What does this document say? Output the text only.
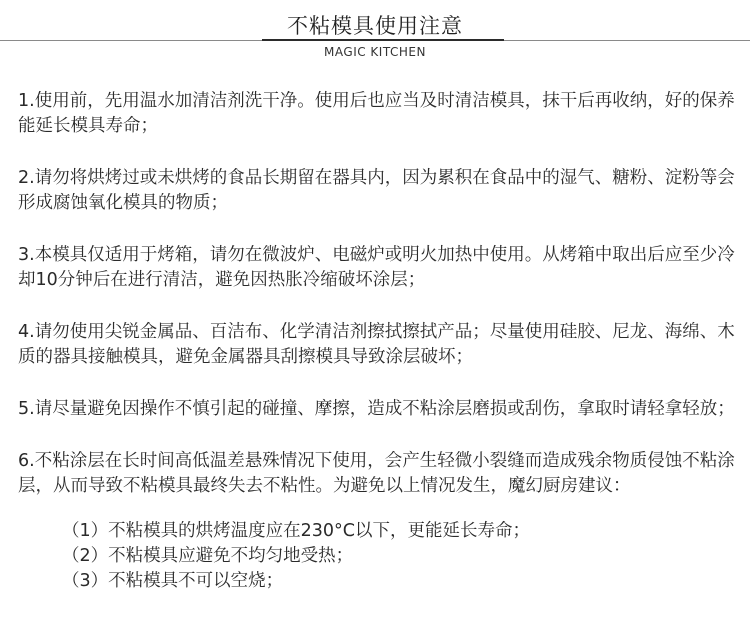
不粘模具使用注意
MAGIC KITCHEN

1.使用前，先用温水加清洁剂洗干净。使用后也应当及时清洁模具，抹干后再收纳，好的保养能延长模具寿命；

2.请勿将烘烤过或未烘烤的食品长期留在器具内，因为累积在食品中的湿气、糖粉、淀粉等会形成腐蚀氧化模具的物质；

3.本模具仅适用于烤箱，请勿在微波炉、电磁炉或明火加热中使用。从烤箱中取出后应至少冷却10分钟后在进行清洁，避免因热胀冷缩破坏涂层；

4.请勿使用尖锐金属品、百洁布、化学清洁剂擦拭擦拭产品；尽量使用硅胶、尼龙、海绵、木质的器具接触模具，避免金属器具刮擦模具导致涂层破坏；

5.请尽量避免因操作不慎引起的碰撞、摩擦，造成不粘涂层磨损或刮伤，拿取时请轻拿轻放；

6.不粘涂层在长时间高低温差悬殊情况下使用，会产生轻微小裂缝而造成残余物质侵蚀不粘涂层，从而导致不粘模具最终失去不粘性。为避免以上情况发生，魔幻厨房建议：

（1）不粘模具的烘烤温度应在230°C以下，更能延长寿命；
（2）不粘模具应避免不均匀地受热；
（3）不粘模具不可以空烧；
